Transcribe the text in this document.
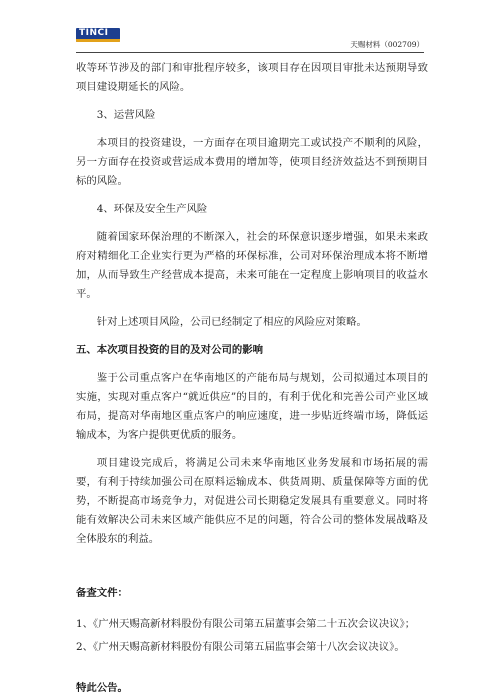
TINCI
天赐材料（002709）

收等环节涉及的部门和审批程序较多，该项目存在因项目审批未达预期导致项目建设期延长的风险。

3、运营风险

本项目的投资建设，一方面存在项目逾期完工或试投产不顺利的风险，另一方面存在投资或营运成本费用的增加等，使项目经济效益达不到预期目标的风险。

4、环保及安全生产风险

随着国家环保治理的不断深入，社会的环保意识逐步增强，如果未来政府对精细化工企业实行更为严格的环保标准，公司对环保治理成本将不断增加，从而导致生产经营成本提高，未来可能在一定程度上影响项目的收益水平。

针对上述项目风险，公司已经制定了相应的风险应对策略。

五、本次项目投资的目的及对公司的影响

鉴于公司重点客户在华南地区的产能布局与规划，公司拟通过本项目的实施，实现对重点客户“就近供应”的目的，有利于优化和完善公司产业区域布局，提高对华南地区重点客户的响应速度，进一步贴近终端市场，降低运输成本，为客户提供更优质的服务。

项目建设完成后，将满足公司未来华南地区业务发展和市场拓展的需要，有利于持续加强公司在原料运输成本、供货周期、质量保障等方面的优势，不断提高市场竞争力，对促进公司长期稳定发展具有重要意义。同时将能有效解决公司未来区域产能供应不足的问题，符合公司的整体发展战略及全体股东的利益。

备查文件：

1、《广州天赐高新材料股份有限公司第五届董事会第二十五次会议决议》；

2、《广州天赐高新材料股份有限公司第五届监事会第十八次会议决议》。

特此公告。
